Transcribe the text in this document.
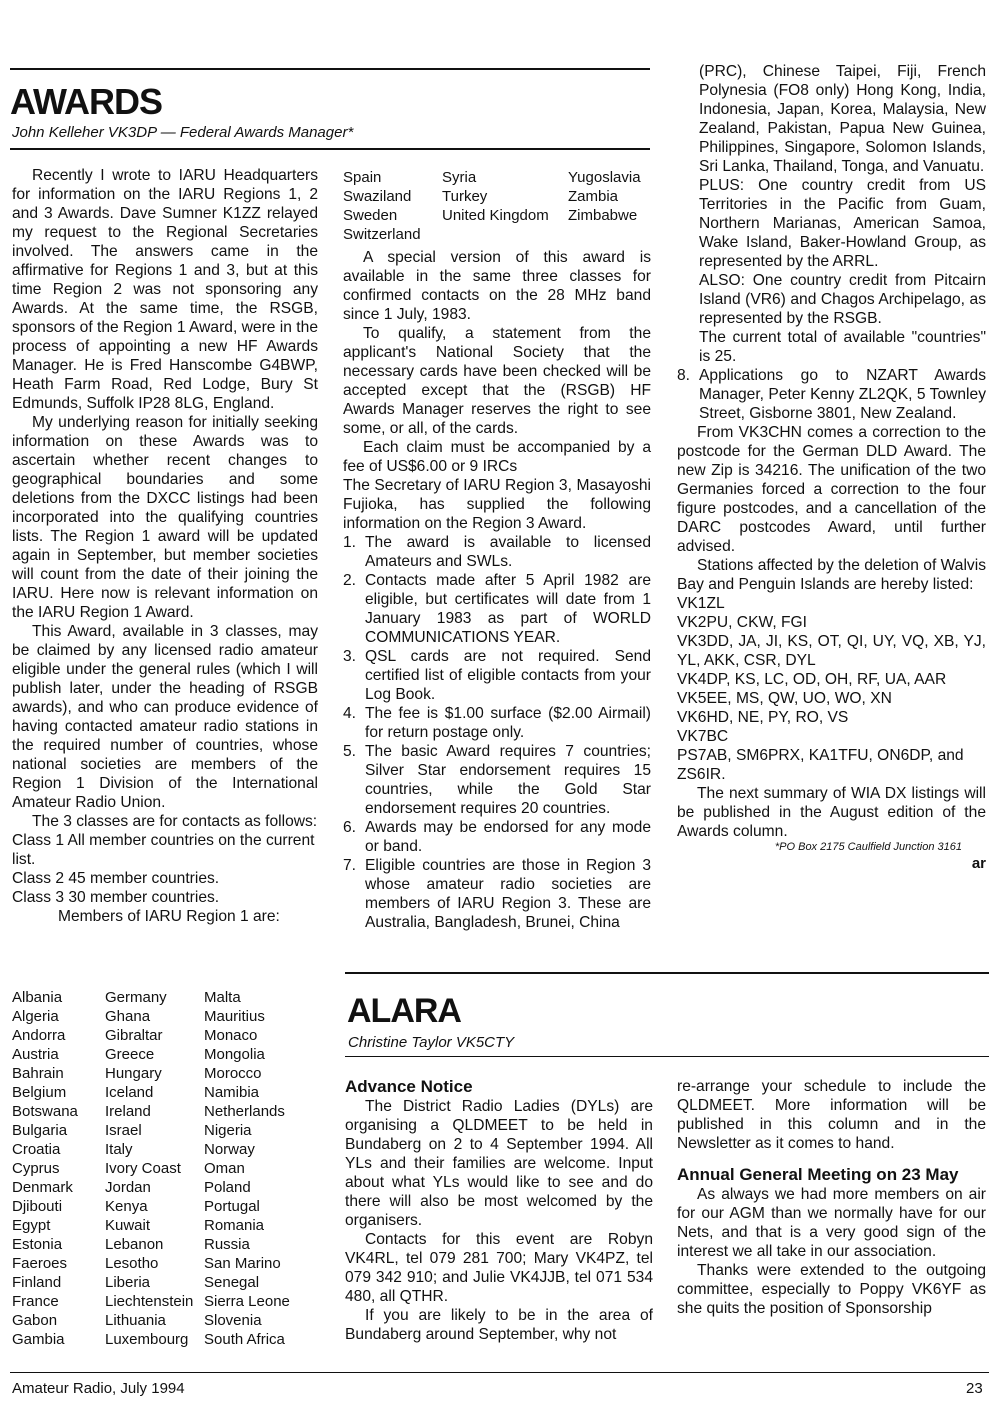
AWARDS
John Kelleher VK3DP — Federal Awards Manager*

Recently I wrote to IARU Headquarters for information on the IARU Regions 1, 2 and 3 Awards. Dave Sumner K1ZZ relayed my request to the Regional Secretaries involved. The answers came in the affirmative for Regions 1 and 3, but at this time Region 2 was not sponsoring any Awards. At the same time, the RSGB, sponsors of the Region 1 Award, were in the process of appointing a new HF Awards Manager. He is Fred Hanscombe G4BWP, Heath Farm Road, Red Lodge, Bury St Edmunds, Suffolk IP28 8LG, England.

My underlying reason for initially seeking information on these Awards was to ascertain whether recent changes to geographical boundaries and some deletions from the DXCC listings had been incorporated into the qualifying countries lists. The Region 1 award will be updated again in September, but member societies will count from the date of their joining the IARU. Here now is relevant information on the IARU Region 1 Award.

This Award, available in 3 classes, may be claimed by any licensed radio amateur eligible under the general rules (which I will publish later, under the heading of RSGB awards), and who can produce evidence of having contacted amateur radio stations in the required number of countries, whose national societies are members of the Region 1 Division of the International Amateur Radio Union.

The 3 classes are for contacts as follows:

Class 1 All member countries on the current list.
Class 2 45 member countries.
Class 3 30 member countries.
Members of IARU Region 1 are:
Albania
Algeria
Andorra
Austria
Bahrain
Belgium
Botswana
Bulgaria
Croatia
Cyprus
Denmark
Djibouti
Egypt
Estonia
Faeroes
Finland
France
Gabon
Gambia
Germany
Ghana
Gibraltar
Greece
Hungary
Iceland
Ireland
Israel
Italy
Ivory Coast
Jordan
Kenya
Kuwait
Lebanon
Lesotho
Liberia
Liechtenstein
Lithuania
Luxembourg
Malta
Mauritius
Monaco
Mongolia
Morocco
Namibia
Netherlands
Nigeria
Norway
Oman
Poland
Portugal
Romania
Russia
San Marino
Senegal
Sierra Leone
Slovenia
South Africa
Spain
Swaziland
Sweden
Switzerland
Syria
Turkey
United Kingdom
Yugoslavia
Zambia
Zimbabwe

A special version of this award is available in the same three classes for confirmed contacts on the 28 MHz band since 1 July, 1983.

To qualify, a statement from the applicant's National Society that the necessary cards have been checked will be accepted except that the (RSGB) HF Awards Manager reserves the right to see some, or all, of the cards.

Each claim must be accompanied by a fee of US$6.00 or 9 IRCs

The Secretary of IARU Region 3, Masayoshi Fujioka, has supplied the following information on the Region 3 Award.

1. The award is available to licensed Amateurs and SWLs.
2. Contacts made after 5 April 1982 are eligible, but certificates will date from 1 January 1983 as part of WORLD COMMUNICATIONS YEAR.
3. QSL cards are not required. Send certified list of eligible contacts from your Log Book.
4. The fee is $1.00 surface ($2.00 Airmail) for return postage only.
5. The basic Award requires 7 countries; Silver Star endorsement requires 15 countries, while the Gold Star endorsement requires 20 countries.
6. Awards may be endorsed for any mode or band.
7. Eligible countries are those in Region 3 whose amateur radio societies are members of IARU Region 3. These are Australia, Bangladesh, Brunei, China

(PRC), Chinese Taipei, Fiji, French Polynesia (FO8 only) Hong Kong, India, Indonesia, Japan, Korea, Malaysia, New Zealand, Pakistan, Papua New Guinea, Philippines, Singapore, Solomon Islands, Sri Lanka, Thailand, Tonga, and Vanuatu.

PLUS: One country credit from US Territories in the Pacific from Guam, Northern Marianas, American Samoa, Wake Island, Baker-Howland Group, as represented by the ARRL.

ALSO: One country credit from Pitcairn Island (VR6) and Chagos Archipelago, as represented by the RSGB.

The current total of available "countries" is 25.

8. Applications go to NZART Awards Manager, Peter Kenny ZL2QK, 5 Townley Street, Gisborne 3801, New Zealand.

From VK3CHN comes a correction to the postcode for the German DLD Award. The new Zip is 34216. The unification of the two Germanies forced a correction to the four figure postcodes, and a cancellation of the DARC postcodes Award, until further advised.

Stations affected by the deletion of Walvis Bay and Penguin Islands are hereby listed:

VK1ZL
VK2PU, CKW, FGI
VK3DD, JA, JI, KS, OT, QI, UY, VQ, XB, YJ, YL, AKK, CSR, DYL
VK4DP, KS, LC, OD, OH, RF, UA, AAR
VK5EE, MS, QW, UO, WO, XN
VK6HD, NE, PY, RO, VS
VK7BC
PS7AB, SM6PRX, KA1TFU, ON6DP, and ZS6IR.

The next summary of WIA DX listings will be published in the August edition of the Awards column.

*PO Box 2175 Caulfield Junction 3161
ar
ALARA
Christine Taylor VK5CTY
Advance Notice

The District Radio Ladies (DYLs) are organising a QLDMEET to be held in Bundaberg on 2 to 4 September 1994. All YLs and their families are welcome. Input about what YLs would like to see and do there will also be most welcomed by the organisers.

Contacts for this event are Robyn VK4RL, tel 079 281 700; Mary VK4PZ, tel 079 342 910; and Julie VK4JJB, tel 071 534 480, all QTHR.

If you are likely to be in the area of Bundaberg around September, why not

re-arrange your schedule to include the QLDMEET. More information will be published in this column and in the Newsletter as it comes to hand.

Annual General Meeting on 23 May

As always we had more members on air for our AGM than we normally have for our Nets, and that is a very good sign of the interest we all take in our association.

Thanks were extended to the outgoing committee, especially to Poppy VK6YF as she quits the position of Sponsorship

Amateur Radio, July 1994	23
